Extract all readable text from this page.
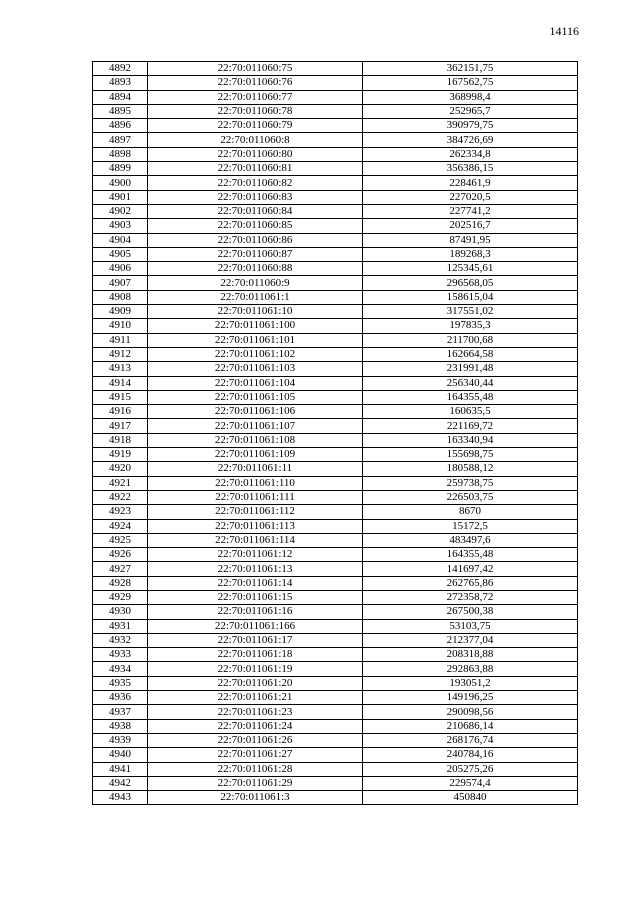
14116
4892	22:70:011060:75	362151,75
4893	22:70:011060:76	167562,75
4894	22:70:011060:77	368998,4
4895	22:70:011060:78	252965,7
4896	22:70:011060:79	390979,75
4897	22:70:011060:8	384726,69
4898	22:70:011060:80	262334,8
4899	22:70:011060:81	356386,15
4900	22:70:011060:82	228461,9
4901	22:70:011060:83	227020,5
4902	22:70:011060:84	227741,2
4903	22:70:011060:85	202516,7
4904	22:70:011060:86	87491,95
4905	22:70:011060:87	189268,3
4906	22:70:011060:88	125345,61
4907	22:70:011060:9	296568,05
4908	22:70:011061:1	158615,04
4909	22:70:011061:10	317551,02
4910	22:70:011061:100	197835,3
4911	22:70:011061:101	211700,68
4912	22:70:011061:102	162664,58
4913	22:70:011061:103	231991,48
4914	22:70:011061:104	256340,44
4915	22:70:011061:105	164355,48
4916	22:70:011061:106	160635,5
4917	22:70:011061:107	221169,72
4918	22:70:011061:108	163340,94
4919	22:70:011061:109	155698,75
4920	22:70:011061:11	180588,12
4921	22:70:011061:110	259738,75
4922	22:70:011061:111	226503,75
4923	22:70:011061:112	8670
4924	22:70:011061:113	15172,5
4925	22:70:011061:114	483497,6
4926	22:70:011061:12	164355,48
4927	22:70:011061:13	141697,42
4928	22:70:011061:14	262765,86
4929	22:70:011061:15	272358,72
4930	22:70:011061:16	267500,38
4931	22:70:011061:166	53103,75
4932	22:70:011061:17	212377,04
4933	22:70:011061:18	208318,88
4934	22:70:011061:19	292863,88
4935	22:70:011061:20	193051,2
4936	22:70:011061:21	149196,25
4937	22:70:011061:23	290098,56
4938	22:70:011061:24	210686,14
4939	22:70:011061:26	268176,74
4940	22:70:011061:27	240784,16
4941	22:70:011061:28	205275,26
4942	22:70:011061:29	229574,4
4943	22:70:011061:3	450840
